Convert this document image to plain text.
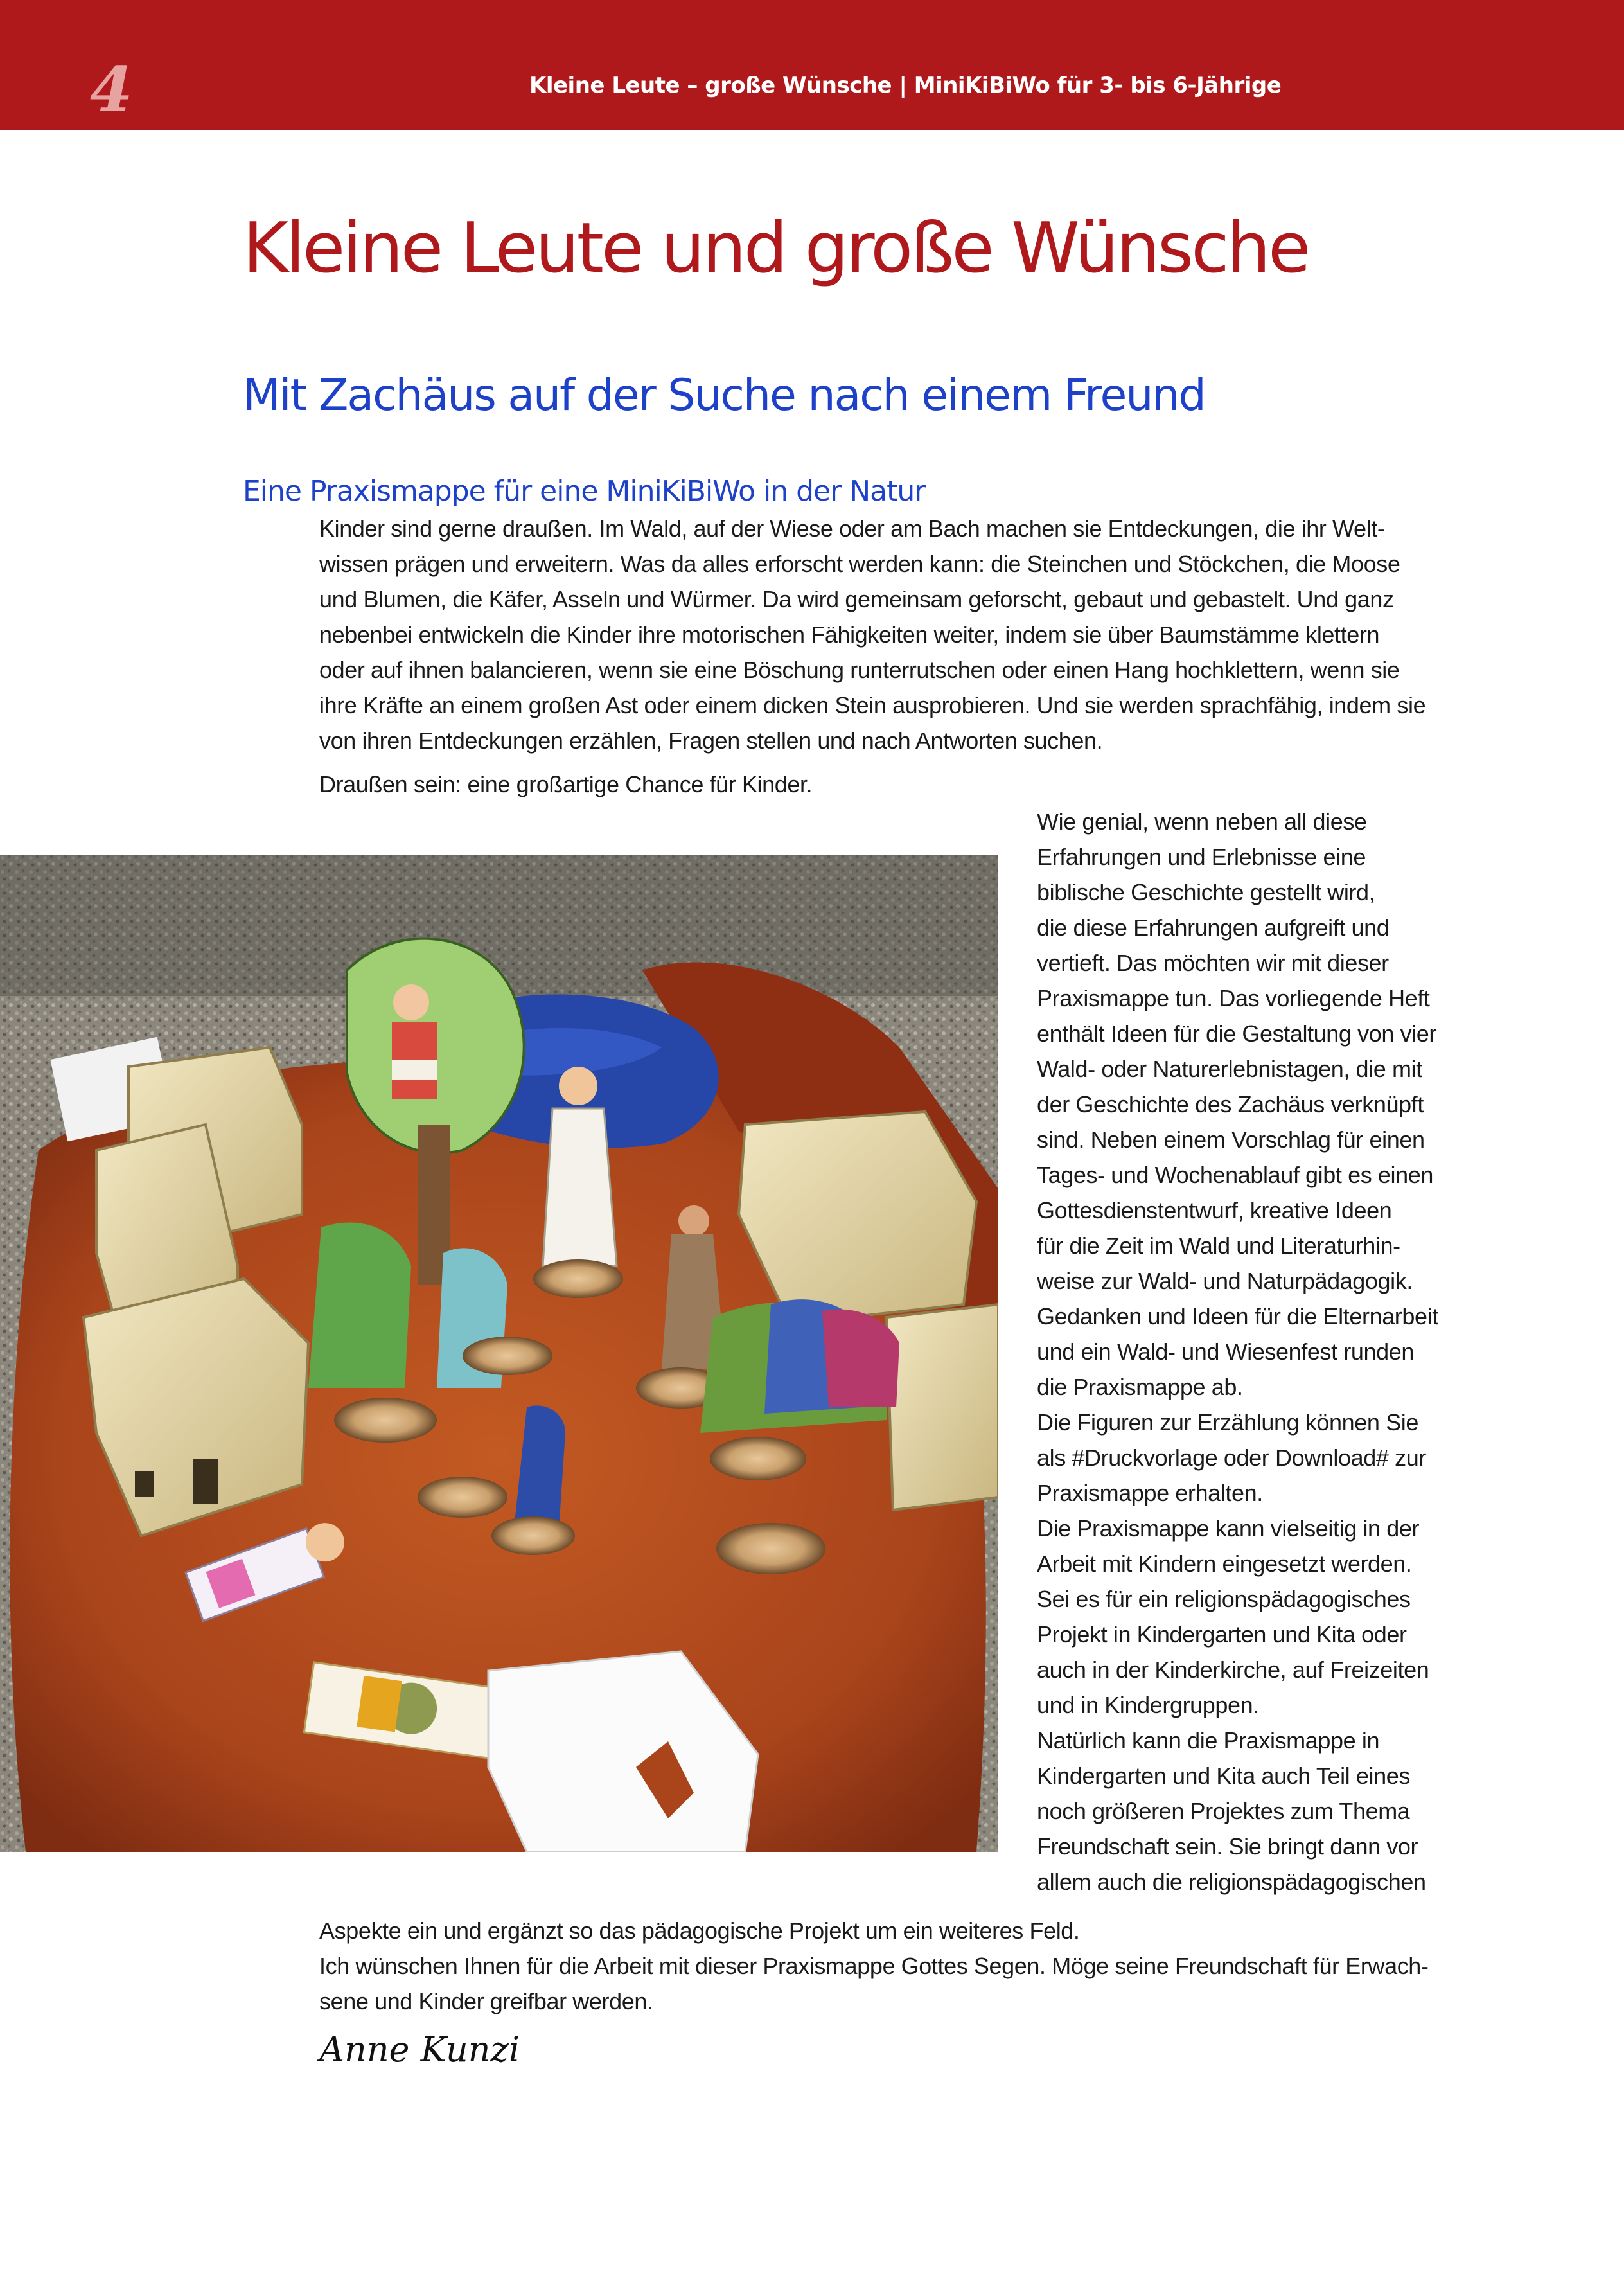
4	Kleine Leute – große Wünsche | MiniKiBiWo für 3- bis 6-Jährige
Kleine Leute und große Wünsche
Mit Zachäus auf der Suche nach einem Freund
Eine Praxismappe für eine MiniKiBiWo in der Natur
Kinder sind gerne draußen. Im Wald, auf der Wiese oder am Bach machen sie Entdeckungen, die ihr Welt-
wissen prägen und erweitern. Was da alles erforscht werden kann: die Steinchen und Stöckchen, die Moose
und Blumen, die Käfer, Asseln und Würmer. Da wird gemeinsam geforscht, gebaut und gebastelt. Und ganz
nebenbei entwickeln die Kinder ihre motorischen Fähigkeiten weiter, indem sie über Baumstämme klettern
oder auf ihnen balancieren, wenn sie eine Böschung runterrutschen oder einen Hang hochklettern, wenn sie
ihre Kräfte an einem großen Ast oder einem dicken Stein ausprobieren. Und sie werden sprachfähig, indem sie
von ihren Entdeckungen erzählen, Fragen stellen und nach Antworten suchen.
Draußen sein: eine großartige Chance für Kinder.

Wie genial, wenn neben all diese
Erfahrungen und Erlebnisse eine
biblische Geschichte gestellt wird,
die diese Erfahrungen aufgreift und
vertieft. Das möchten wir mit dieser
Praxismappe tun. Das vorliegende Heft
enthält Ideen für die Gestaltung von vier
Wald- oder Naturerlebnistagen, die mit
der Geschichte des Zachäus verknüpft
sind. Neben einem Vorschlag für einen
Tages- und Wochenablauf gibt es einen
Gottesdienstentwurf, kreative Ideen
für die Zeit im Wald und Literaturhin-
weise zur Wald- und Naturpädagogik.
Gedanken und Ideen für die Elternarbeit
und ein Wald- und Wiesenfest runden
die Praxismappe ab.

Die Figuren zur Erzählung können Sie
als #Druckvorlage oder Download# zur
Praxismappe erhalten.

Die Praxismappe kann vielseitig in der
Arbeit mit Kindern eingesetzt werden.
Sei es für ein religionspädagogisches
Projekt in Kindergarten und Kita oder
auch in der Kinderkirche, auf Freizeiten
und in Kindergruppen.

Natürlich kann die Praxismappe in
Kindergarten und Kita auch Teil eines
noch größeren Projektes zum Thema
Freundschaft sein. Sie bringt dann vor
allem auch die religionspädagogischen

Aspekte ein und ergänzt so das pädagogische Projekt um ein weiteres Feld.
Ich wünschen Ihnen für die Arbeit mit dieser Praxismappe Gottes Segen. Möge seine Freundschaft für Erwach-
sene und Kinder greifbar werden.
Anne Kunzi
